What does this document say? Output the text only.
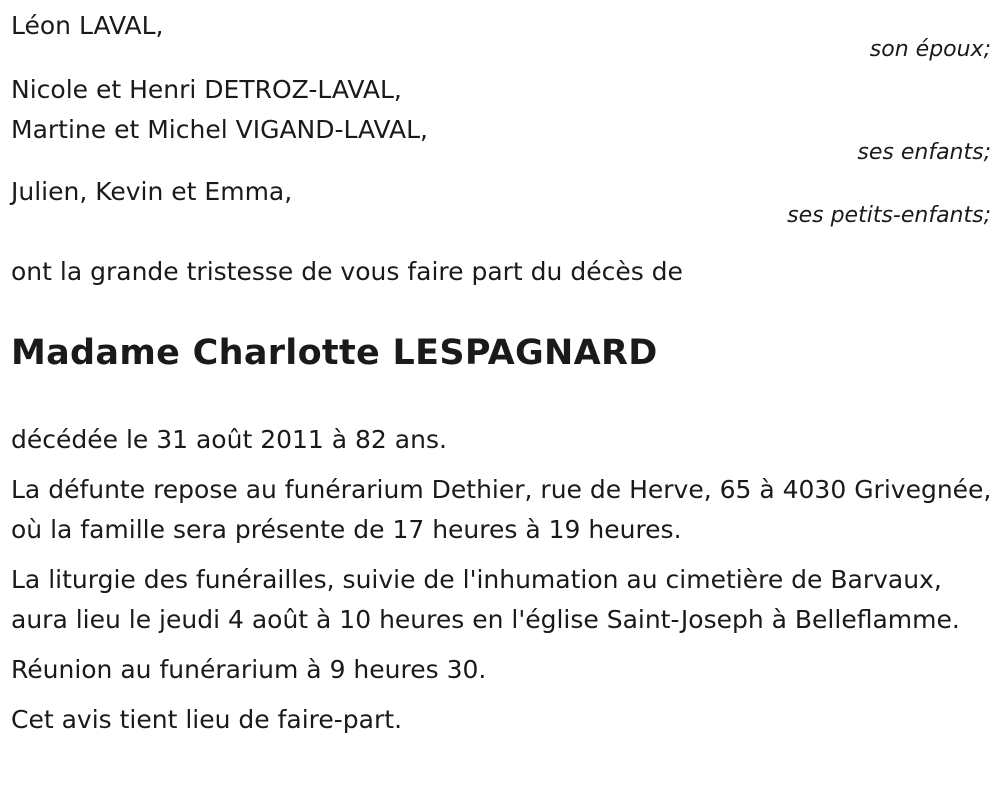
Léon LAVAL,
son époux;
Nicole et Henri DETROZ-LAVAL,
Martine et Michel VIGAND-LAVAL,
ses enfants;
Julien, Kevin et Emma,
ses petits-enfants;
ont la grande tristesse de vous faire part du décès de
Madame Charlotte LESPAGNARD

décédée le 31 août 2011 à 82 ans.

La défunte repose au funérarium Dethier, rue de Herve, 65 à 4030 Grivegnée, où la famille sera présente de 17 heures à 19 heures.

La liturgie des funérailles, suivie de l'inhumation au cimetière de Barvaux, aura lieu le jeudi 4 août à 10 heures en l'église Saint-Joseph à Belleflamme.

Réunion au funérarium à 9 heures 30.

Cet avis tient lieu de faire-part.
